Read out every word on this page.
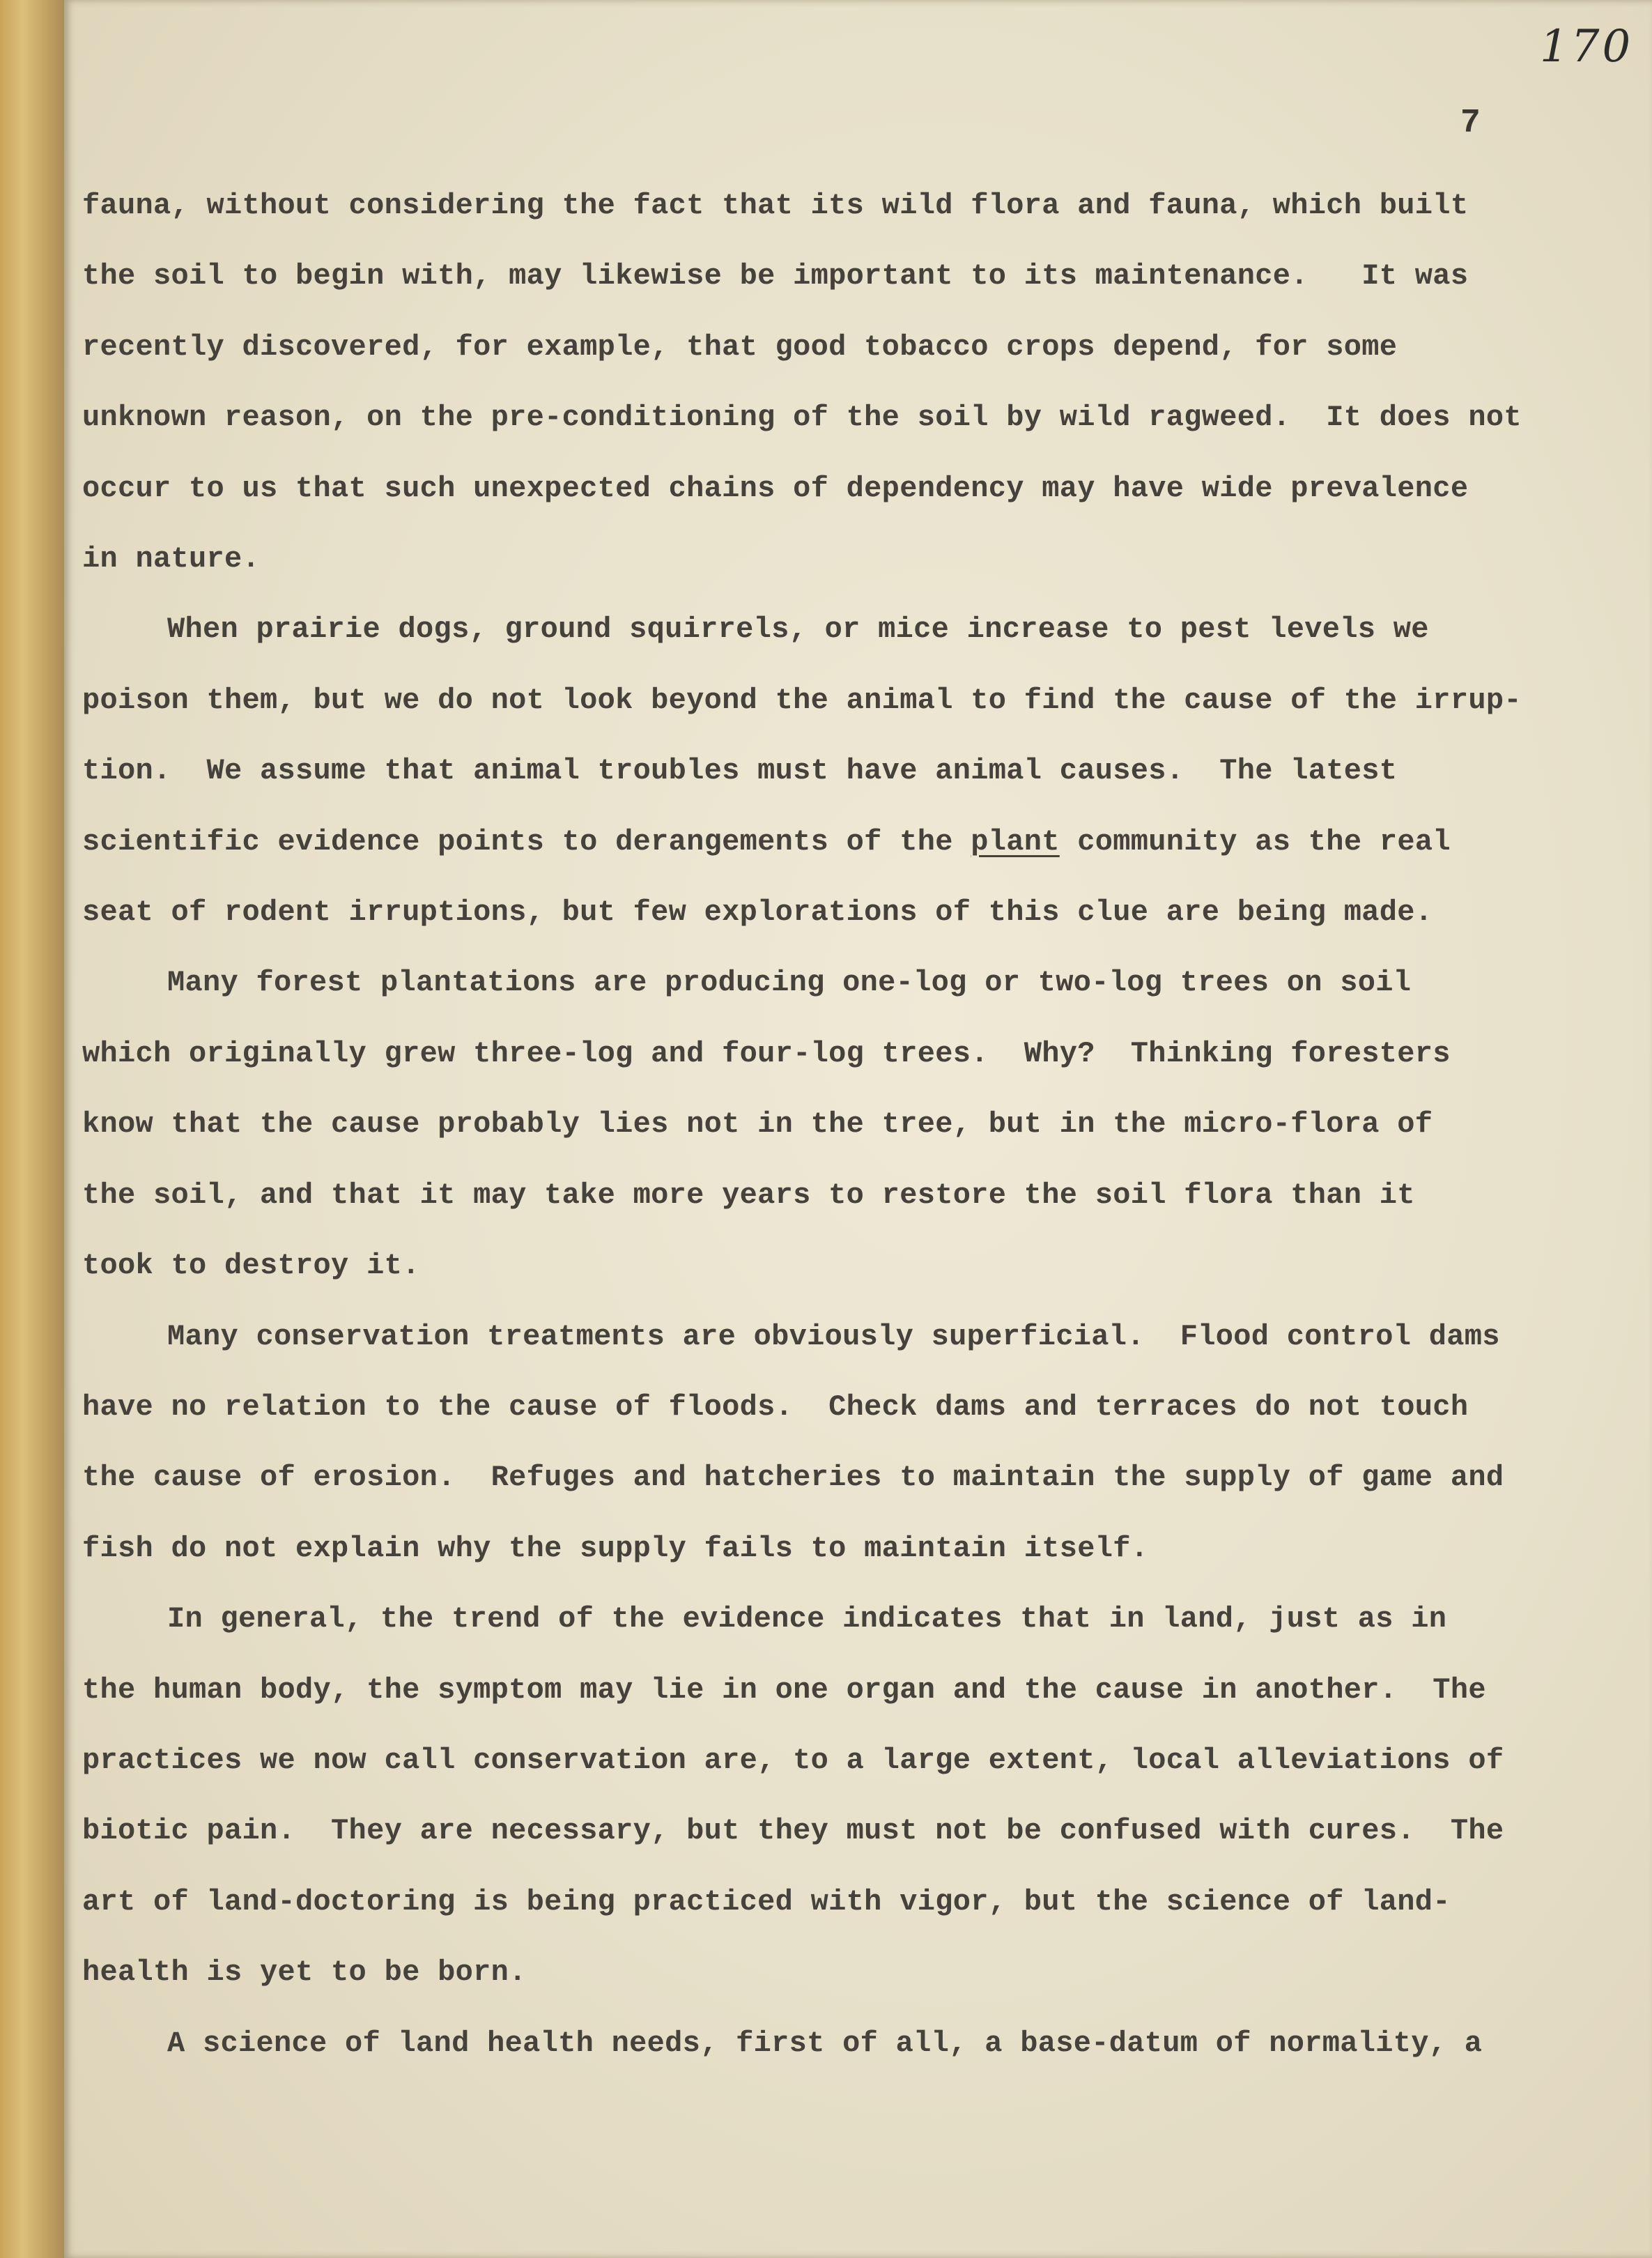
170
7

fauna, without considering the fact that its wild flora and fauna, which built
the soil to begin with, may likewise be important to its maintenance.   It was
recently discovered, for example, that good tobacco crops depend, for some
unknown reason, on the pre-conditioning of the soil by wild ragweed.  It does not
occur to us that such unexpected chains of dependency may have wide prevalence
in nature.

When prairie dogs, ground squirrels, or mice increase to pest levels we
poison them, but we do not look beyond the animal to find the cause of the irrup-
tion.  We assume that animal troubles must have animal causes.  The latest
scientific evidence points to derangements of the plant community as the real
seat of rodent irruptions, but few explorations of this clue are being made.

Many forest plantations are producing one-log or two-log trees on soil
which originally grew three-log and four-log trees.  Why?  Thinking foresters
know that the cause probably lies not in the tree, but in the micro-flora of
the soil, and that it may take more years to restore the soil flora than it
took to destroy it.

Many conservation treatments are obviously superficial.  Flood control dams
have no relation to the cause of floods.  Check dams and terraces do not touch
the cause of erosion.  Refuges and hatcheries to maintain the supply of game and
fish do not explain why the supply fails to maintain itself.

In general, the trend of the evidence indicates that in land, just as in
the human body, the symptom may lie in one organ and the cause in another.  The
practices we now call conservation are, to a large extent, local alleviations of
biotic pain.  They are necessary, but they must not be confused with cures.  The
art of land-doctoring is being practiced with vigor, but the science of land-
health is yet to be born.

A science of land health needs, first of all, a base-datum of normality, a
